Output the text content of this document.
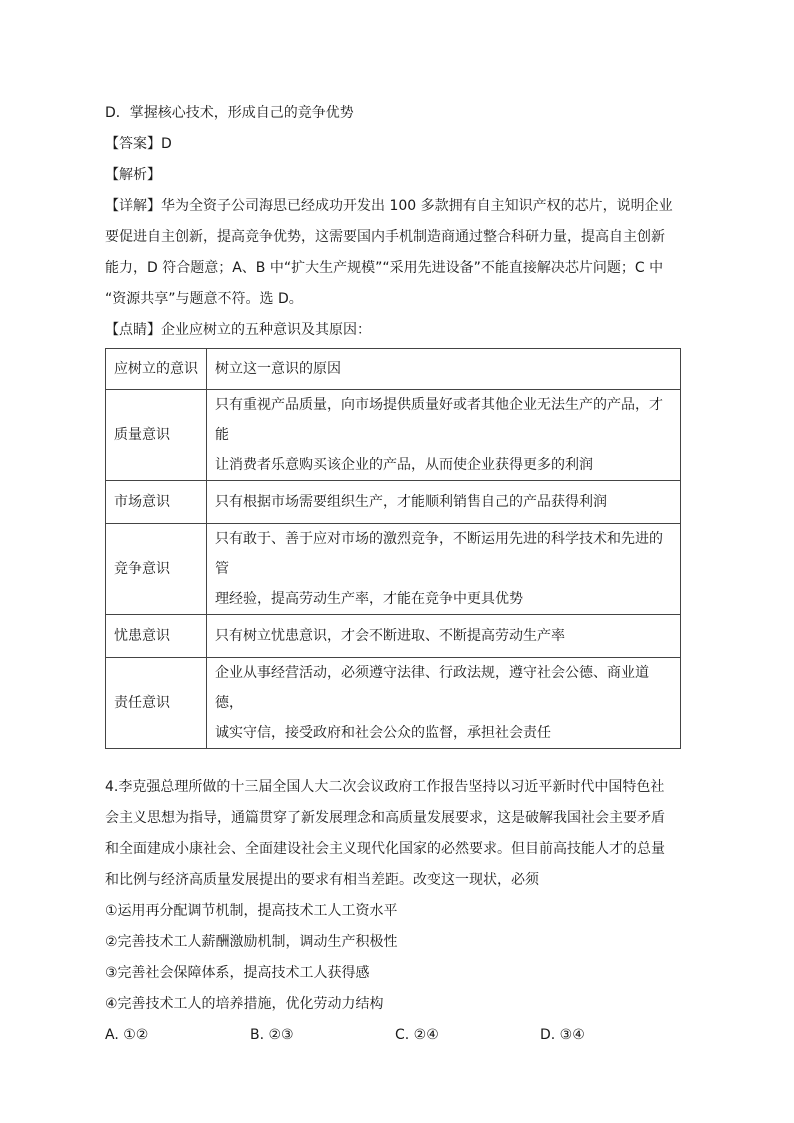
D．掌握核心技术，形成自己的竞争优势
【答案】D
【解析】
【详解】华为全资子公司海思已经成功开发出 100 多款拥有自主知识产权的芯片，说明企业
要促进自主创新，提高竞争优势，这需要国内手机制造商通过整合科研力量，提高自主创新
能力，D 符合题意；A、B 中“扩大生产规模”“采用先进设备”不能直接解决芯片问题；C 中
“资源共享”与题意不符。选 D。
【点睛】企业应树立的五种意识及其原因：
应树立的意识	树立这一意识的原因
质量意识	只有重视产品质量，向市场提供质量好或者其他企业无法生产的产品，才能
让消费者乐意购买该企业的产品，从而使企业获得更多的利润

市场意识	只有根据市场需要组织生产，才能顺利销售自己的产品获得利润
竞争意识	只有敢于、善于应对市场的激烈竞争，不断运用先进的科学技术和先进的管
理经验，提高劳动生产率，才能在竞争中更具优势

忧患意识	只有树立忧患意识，才会不断进取、不断提高劳动生产率
责任意识	企业从事经营活动，必须遵守法律、行政法规，遵守社会公德、商业道德，
诚实守信，接受政府和社会公众的监督，承担社会责任
4.李克强总理所做的十三届全国人大二次会议政府工作报告坚持以习近平新时代中国特色社
会主义思想为指导，通篇贯穿了新发展理念和高质量发展要求，这是破解我国社会主要矛盾
和全面建成小康社会、全面建设社会主义现代化国家的必然要求。但目前高技能人才的总量
和比例与经济高质量发展提出的要求有相当差距。改变这一现状，必须
①运用再分配调节机制，提高技术工人工资水平
②完善技术工人薪酬激励机制，调动生产积极性
③完善社会保障体系，提高技术工人获得感
④完善技术工人的培养措施，优化劳动力结构
A. ①②	B. ②③	C. ②④	D. ③④
